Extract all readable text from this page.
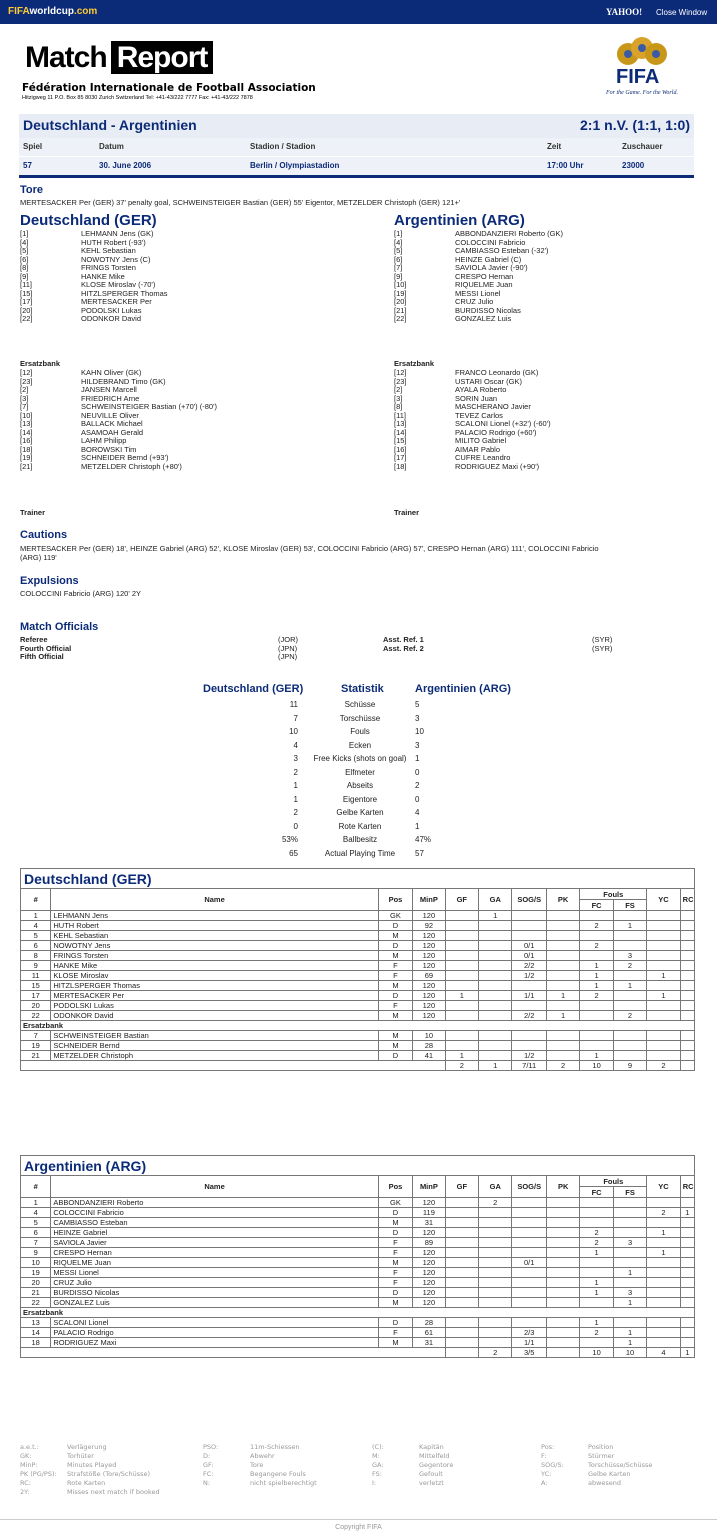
FIFAworldcup.com	YAHOO! Close Window
Match Report
Fédération Internationale de Football Association
Hitzigweg 11 P.O. Box 85 8030 Zurich Switzerland Tel: +41-43/222 7777 Fax: +41-43/222 7878
FIFA
For the Game. For the World.
Deutschland - Argentinien	2:1 n.V. (1:1, 1:0)
Spiel	Datum	Stadion / Stadion	Zeit	Zuschauer
57	30. June 2006	Berlin / Olympiastadion	17:00 Uhr	23000
Tore
MERTESACKER Per (GER) 37' penalty goal, SCHWEINSTEIGER Bastian (GER) 55' Eigentor, METZELDER Christoph (GER) 121+'
Deutschland (GER)	Argentinien (ARG)
[1]	LEHMANN Jens (GK)
[4]	HUTH Robert (-93')
[5]	KEHL Sebastian
[6]	NOWOTNY Jens (C)
[8]	FRINGS Torsten
[9]	HANKE Mike
[11]	KLOSE Miroslav (-70')
[15]	HITZLSPERGER Thomas
[17]	MERTESACKER Per
[20]	PODOLSKI Lukas
[22]	ODONKOR David
[1]	ABBONDANZIERI Roberto (GK)
[4]	COLOCCINI Fabricio
[5]	CAMBIASSO Esteban (-32')
[6]	HEINZE Gabriel (C)
[7]	SAVIOLA Javier (-90')
[9]	CRESPO Hernan
[10]	RIQUELME Juan
[19]	MESSI Lionel
[20]	CRUZ Julio
[21]	BURDISSO Nicolas
[22]	GONZALEZ Luis
Ersatzbank	Ersatzbank
[12]	KAHN Oliver (GK)
[23]	HILDEBRAND Timo (GK)
[2]	JANSEN Marcell
[3]	FRIEDRICH Arne
[7]	SCHWEINSTEIGER Bastian (+70') (-80')
[10]	NEUVILLE Oliver
[13]	BALLACK Michael
[14]	ASAMOAH Gerald
[16]	LAHM Philipp
[18]	BOROWSKI Tim
[19]	SCHNEIDER Bernd (+93')
[21]	METZELDER Christoph (+80')
[12]	FRANCO Leonardo (GK)
[23]	USTARI Oscar (GK)
[2]	AYALA Roberto
[3]	SORIN Juan
[8]	MASCHERANO Javier
[11]	TEVEZ Carlos
[13]	SCALONI Lionel (+32') (-60')
[14]	PALACIO Rodrigo (+60')
[15]	MILITO Gabriel
[16]	AIMAR Pablo
[17]	CUFRE Leandro
[18]	RODRIGUEZ Maxi (+90')
Trainer	Trainer
Cautions
MERTESACKER Per (GER) 18', HEINZE Gabriel (ARG) 52', KLOSE Miroslav (GER) 53', COLOCCINI Fabricio (ARG) 57', CRESPO Hernan (ARG) 111', COLOCCINI Fabricio
(ARG) 119'
Expulsions
COLOCCINI Fabricio (ARG) 120' 2Y
Match Officials
Referee	(JOR)	Asst. Ref. 1	(SYR)
Fourth Official	(JPN)	Asst. Ref. 2	(SYR)
Fifth Official	(JPN)
Deutschland (GER)	Statistik	Argentinien (ARG)
11	Schüsse	5
7	Torschüsse	3
10	Fouls	10
4	Ecken	3
3	Free Kicks (shots on goal)	1
2	Elfmeter	0
1	Abseits	2
1	Eigentore	0
2	Gelbe Karten	4
0	Rote Karten	1
53%	Ballbesitz	47%
65	Actual Playing Time	57
Deutschland (GER)											
#	Name	Pos	MinP	GF	GA	SOG/S	PK	Fouls		YC	RC
								FC	FS		
1	LEHMANN Jens	GK	120		1						
4	HUTH Robert	D	92					2	1		
5	KEHL Sebastian	M	120								
6	NOWOTNY Jens	D	120			0/1		2			
8	FRINGS Torsten	M	120			0/1			3		
9	HANKE Mike	F	120			2/2		1	2		
11	KLOSE Miroslav	F	69			1/2		1		1	
15	HITZLSPERGER Thomas	M	120					1	1		
17	MERTESACKER Per	D	120	1		1/1	1	2		1	
20	PODOLSKI Lukas	F	120								
22	ODONKOR David	M	120			2/2	1		2		
Ersatzbank											
7	SCHWEINSTEIGER Bastian	M	10								
19	SCHNEIDER Bernd	M	28								
21	METZELDER Christoph	D	41	1		1/2		1			
				2	1	7/11	2	10	9	2	
Argentinien (ARG)											
#	Name	Pos	MinP	GF	GA	SOG/S	PK	Fouls		YC	RC
								FC	FS		
1	ABBONDANZIERI Roberto	GK	120		2						
4	COLOCCINI Fabricio	D	119							2	1
5	CAMBIASSO Esteban	M	31								
6	HEINZE Gabriel	D	120					2		1	
7	SAVIOLA Javier	F	89					2	3		
9	CRESPO Hernan	F	120					1		1	
10	RIQUELME Juan	M	120			0/1					
19	MESSI Lionel	F	120						1		
20	CRUZ Julio	F	120					1			
21	BURDISSO Nicolas	D	120					1	3		
22	GONZALEZ Luis	M	120						1		
Ersatzbank											
13	SCALONI Lionel	D	28					1			
14	PALACIO Rodrigo	F	61			2/3		2	1		
18	RODRIGUEZ Maxi	M	31			1/1			1		
					2	3/5		10	10	4	1
a.e.t.:	Verlägerung	PSO:	11m-Schiessen	(C):	Kapitän	Pos:	Position
GK:	Torhüter	D:	Abwehr	M:	Mittelfeld	F:	Stürmer
MinP:	Minutes Played	GF:	Tore	GA:	Gegentore	SOG/S:	Torschüsse/Schüsse
PK (PG/PS): Strafstöße (Tore/Schüsse)	FC:	Begangene Fouls	FS:	Gefoult	YC:	Gelbe Karten
RC:	Rote Karten	N:	nicht spielberechtigt	I:	verletzt	A:	abwesend
2Y:	Misses next match if booked
Copyright FIFA
